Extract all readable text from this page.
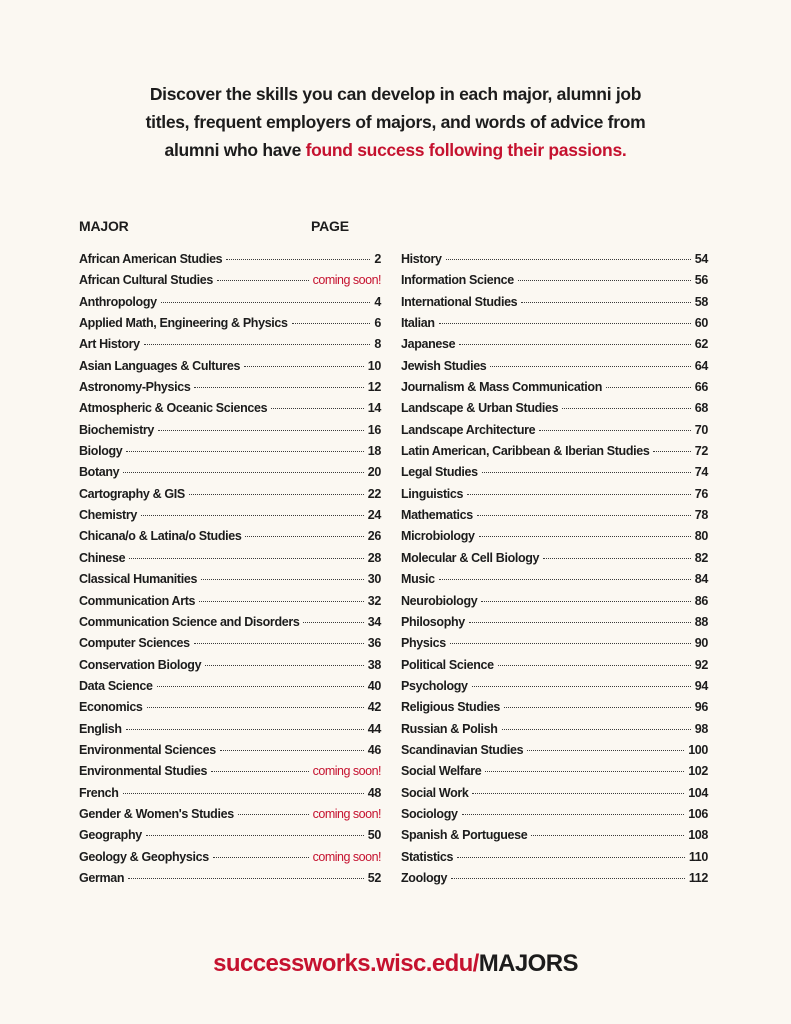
Discover the skills you can develop in each major, alumni job
titles, frequent employers of majors, and words of advice from
alumni who have found success following their passions.
MAJOR	PAGE
African American Studies	2
African Cultural Studies	coming soon!
Anthropology	4
Applied Math, Engineering & Physics	6
Art History	8
Asian Languages & Cultures	10
Astronomy-Physics	12
Atmospheric & Oceanic Sciences	14
Biochemistry	16
Biology	18
Botany	20
Cartography & GIS	22
Chemistry	24
Chicana/o & Latina/o Studies	26
Chinese	28
Classical Humanities	30
Communication Arts	32
Communication Science and Disorders	34
Computer Sciences	36
Conservation Biology	38
Data Science	40
Economics	42
English	44
Environmental Sciences	46
Environmental Studies	coming soon!
French	48
Gender & Women's Studies	coming soon!
Geography	50
Geology & Geophysics	coming soon!
German	52
History	54
Information Science	56
International Studies	58
Italian	60
Japanese	62
Jewish Studies	64
Journalism & Mass Communication	66
Landscape & Urban Studies	68
Landscape Architecture	70
Latin American, Caribbean & Iberian Studies	72
Legal Studies	74
Linguistics	76
Mathematics	78
Microbiology	80
Molecular & Cell Biology	82
Music	84
Neurobiology	86
Philosophy	88
Physics	90
Political Science	92
Psychology	94
Religious Studies	96
Russian & Polish	98
Scandinavian Studies	100
Social Welfare	102
Social Work	104
Sociology	106
Spanish & Portuguese	108
Statistics	110
Zoology	112
successworks.wisc.edu/MAJORS
